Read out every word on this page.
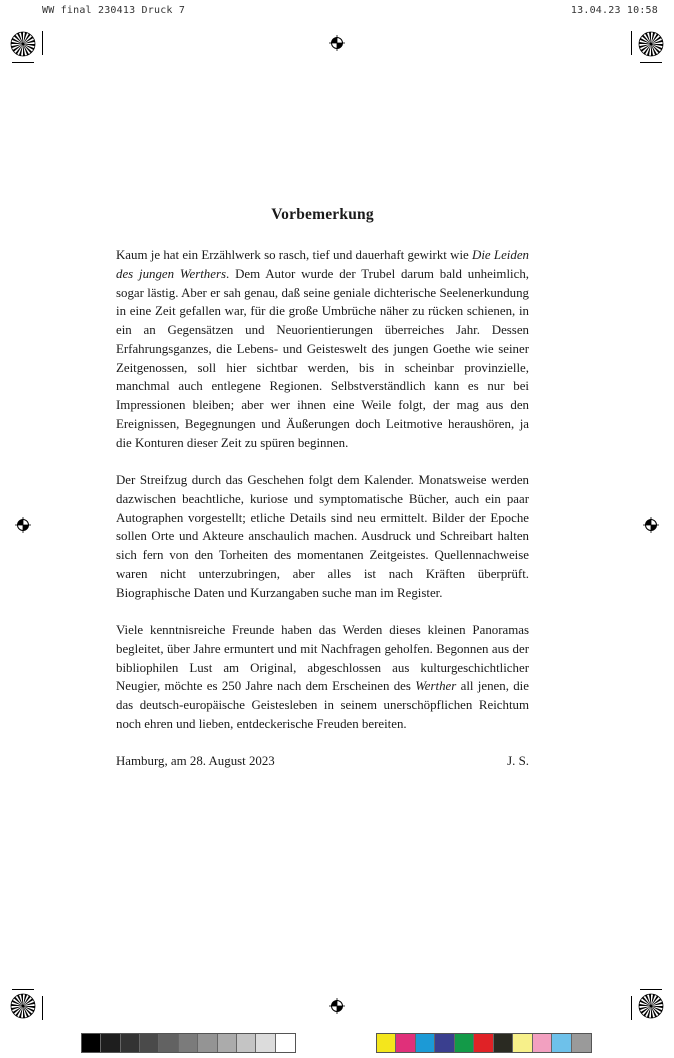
WW final 230413 Druck 7	13.04.23 10:58
Vorbemerkung

Kaum je hat ein Erzählwerk so rasch, tief und dauerhaft gewirkt wie Die Leiden des jungen Werthers. Dem Autor wurde der Trubel darum bald unheimlich, sogar lästig. Aber er sah genau, daß seine geniale dichterische Seelenerkundung in eine Zeit gefallen war, für die große Umbrüche näher zu rücken schienen, in ein an Gegensätzen und Neuorientierungen überreiches Jahr. Dessen Erfahrungsganzes, die Lebens- und Geisteswelt des jungen Goethe wie seiner Zeitgenossen, soll hier sichtbar werden, bis in scheinbar provinzielle, manchmal auch entlegene Regionen. Selbstverständlich kann es nur bei Impressionen bleiben; aber wer ihnen eine Weile folgt, der mag aus den Ereignissen, Begegnungen und Äußerungen doch Leitmotive heraushören, ja die Konturen dieser Zeit zu spüren beginnen.

Der Streifzug durch das Geschehen folgt dem Kalender. Monatsweise werden dazwischen beachtliche, kuriose und symptomatische Bücher, auch ein paar Autographen vorgestellt; etliche Details sind neu ermittelt. Bilder der Epoche sollen Orte und Akteure anschaulich machen. Ausdruck und Schreibart halten sich fern von den Torheiten des momentanen Zeitgeistes. Quellennachweise waren nicht unterzubringen, aber alles ist nach Kräften überprüft. Biographische Daten und Kurzangaben suche man im Register.

Viele kenntnisreiche Freunde haben das Werden dieses kleinen Panoramas begleitet, über Jahre ermuntert und mit Nachfragen geholfen. Begonnen aus der bibliophilen Lust am Original, abgeschlossen aus kulturgeschichtlicher Neugier, möchte es 250 Jahre nach dem Erscheinen des Werther all jenen, die das deutsch-europäische Geistesleben in seinem unerschöpflichen Reichtum noch ehren und lieben, entdeckerische Freuden bereiten.

Hamburg, am 28. August 2023	J. S.
